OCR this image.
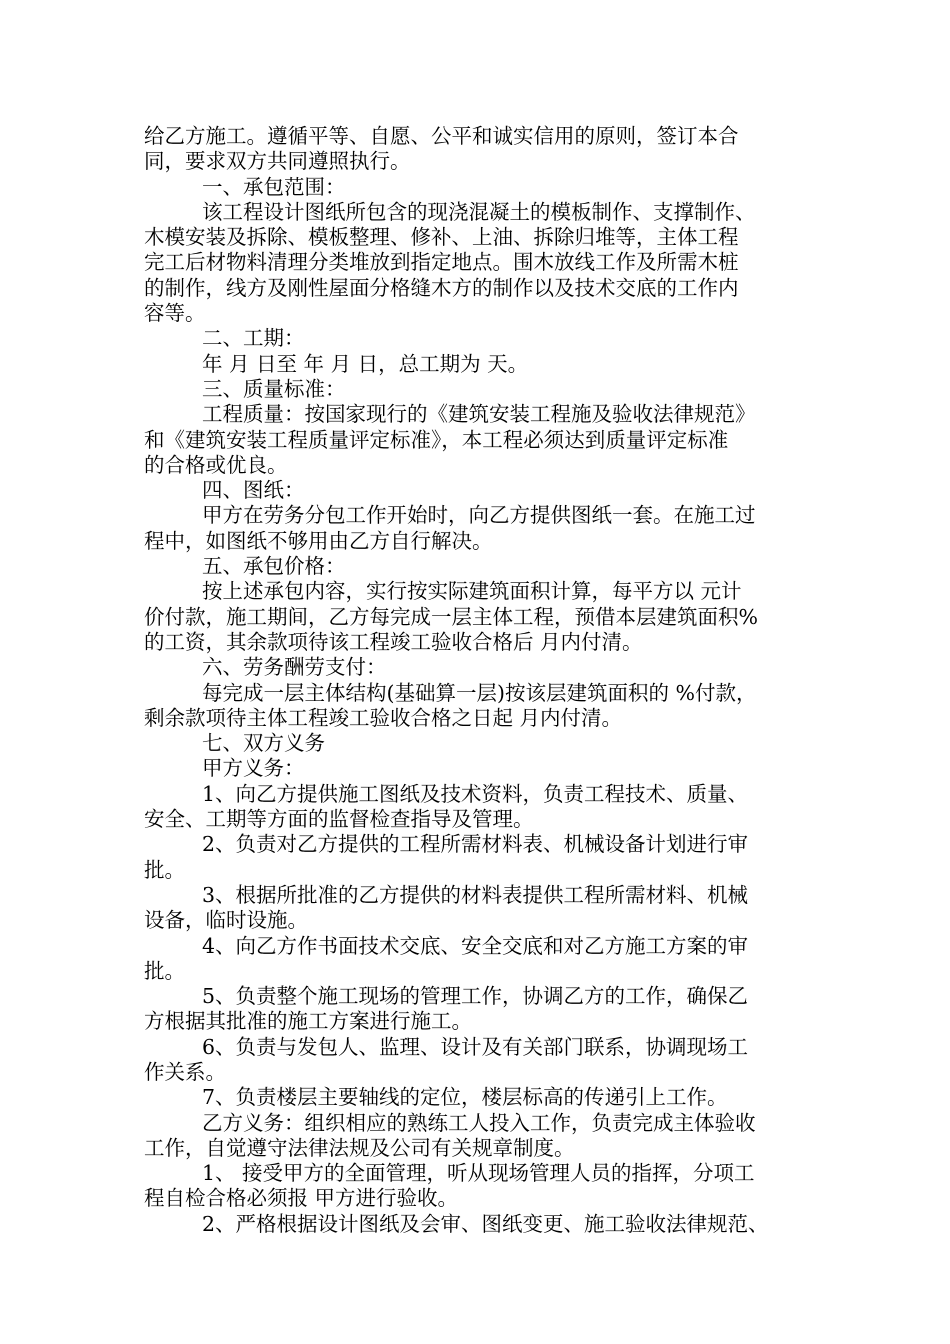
给乙方施工。遵循平等、自愿、公平和诚实信用的原则，签订本合
同，要求双方共同遵照执行。
一、承包范围：
该工程设计图纸所包含的现浇混凝土的模板制作、支撑制作、
木模安装及拆除、模板整理、修补、上油、拆除归堆等，主体工程
完工后材物料清理分类堆放到指定地点。围木放线工作及所需木桩
的制作，线方及刚性屋面分格缝木方的制作以及技术交底的工作内
容等。
二、工期：
年 月 日至 年 月 日，总工期为 天。
三、质量标准：
工程质量：按国家现行的《建筑安装工程施及验收法律规范》
和《建筑安装工程质量评定标准》，本工程必须达到质量评定标准
的合格或优良。
四、图纸：
甲方在劳务分包工作开始时，向乙方提供图纸一套。在施工过
程中，如图纸不够用由乙方自行解决。
五、承包价格：
按上述承包内容，实行按实际建筑面积计算，每平方以 元计
价付款，施工期间，乙方每完成一层主体工程，预借本层建筑面积%
的工资，其余款项待该工程竣工验收合格后 月内付清。
六、劳务酬劳支付：
每完成一层主体结构(基础算一层)按该层建筑面积的 %付款，
剩余款项待主体工程竣工验收合格之日起 月内付清。
七、双方义务
甲方义务：
1、向乙方提供施工图纸及技术资料，负责工程技术、质量、
安全、工期等方面的监督检查指导及管理。
2、负责对乙方提供的工程所需材料表、机械设备计划进行审
批。
3、根据所批准的乙方提供的材料表提供工程所需材料、机械
设备，临时设施。
4、向乙方作书面技术交底、安全交底和对乙方施工方案的审
批。
5、负责整个施工现场的管理工作，协调乙方的工作，确保乙
方根据其批准的施工方案进行施工。
6、负责与发包人、监理、设计及有关部门联系，协调现场工
作关系。
7、负责楼层主要轴线的定位，楼层标高的传递引上工作。
乙方义务：组织相应的熟练工人投入工作，负责完成主体验收
工作，自觉遵守法律法规及公司有关规章制度。
1、 接受甲方的全面管理，听从现场管理人员的指挥，分项工
程自检合格必须报 甲方进行验收。
2、严格根据设计图纸及会审、图纸变更、施工验收法律规范、
